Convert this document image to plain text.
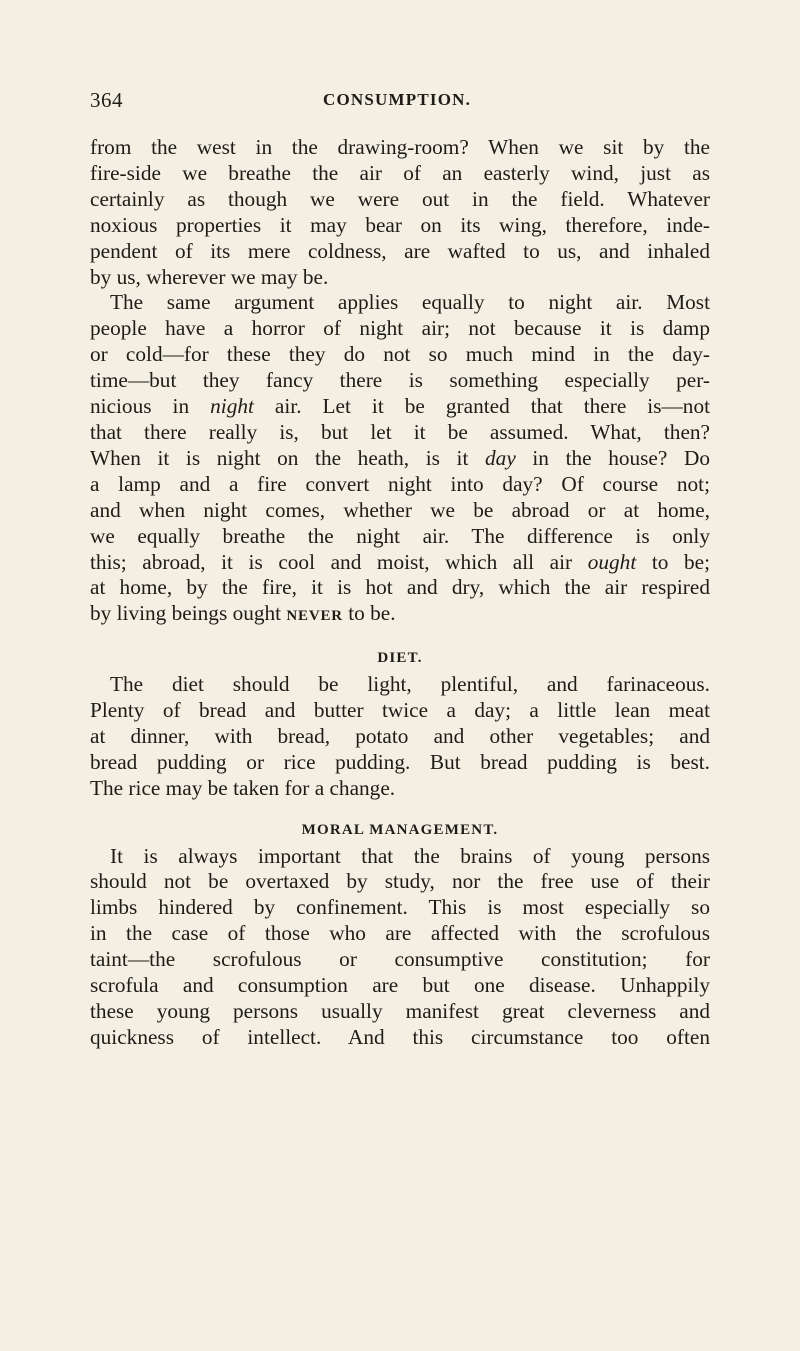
364	CONSUMPTION.
from the west in the drawing-room? When we sit by the
fire-side we breathe the air of an easterly wind, just as
certainly as though we were out in the field. Whatever
noxious properties it may bear on its wing, therefore, inde-
pendent of its mere coldness, are wafted to us, and inhaled
by us, wherever we may be.
The same argument applies equally to night air. Most
people have a horror of night air; not because it is damp
or cold—for these they do not so much mind in the day-
time—but they fancy there is something especially per-
nicious in night air. Let it be granted that there is—not
that there really is, but let it be assumed. What, then?
When it is night on the heath, is it day in the house? Do
a lamp and a fire convert night into day? Of course not;
and when night comes, whether we be abroad or at home,
we equally breathe the night air. The difference is only
this; abroad, it is cool and moist, which all air ought to be;
at home, by the fire, it is hot and dry, which the air respired
by living beings ought NEVER to be.
DIET.
The diet should be light, plentiful, and farinaceous.
Plenty of bread and butter twice a day; a little lean meat
at dinner, with bread, potato and other vegetables; and
bread pudding or rice pudding. But bread pudding is best.
The rice may be taken for a change.
MORAL MANAGEMENT.
It is always important that the brains of young persons
should not be overtaxed by study, nor the free use of their
limbs hindered by confinement. This is most especially so
in the case of those who are affected with the scrofulous
taint—the scrofulous or consumptive constitution; for
scrofula and consumption are but one disease. Unhappily
these young persons usually manifest great cleverness and
quickness of intellect. And this circumstance too often
